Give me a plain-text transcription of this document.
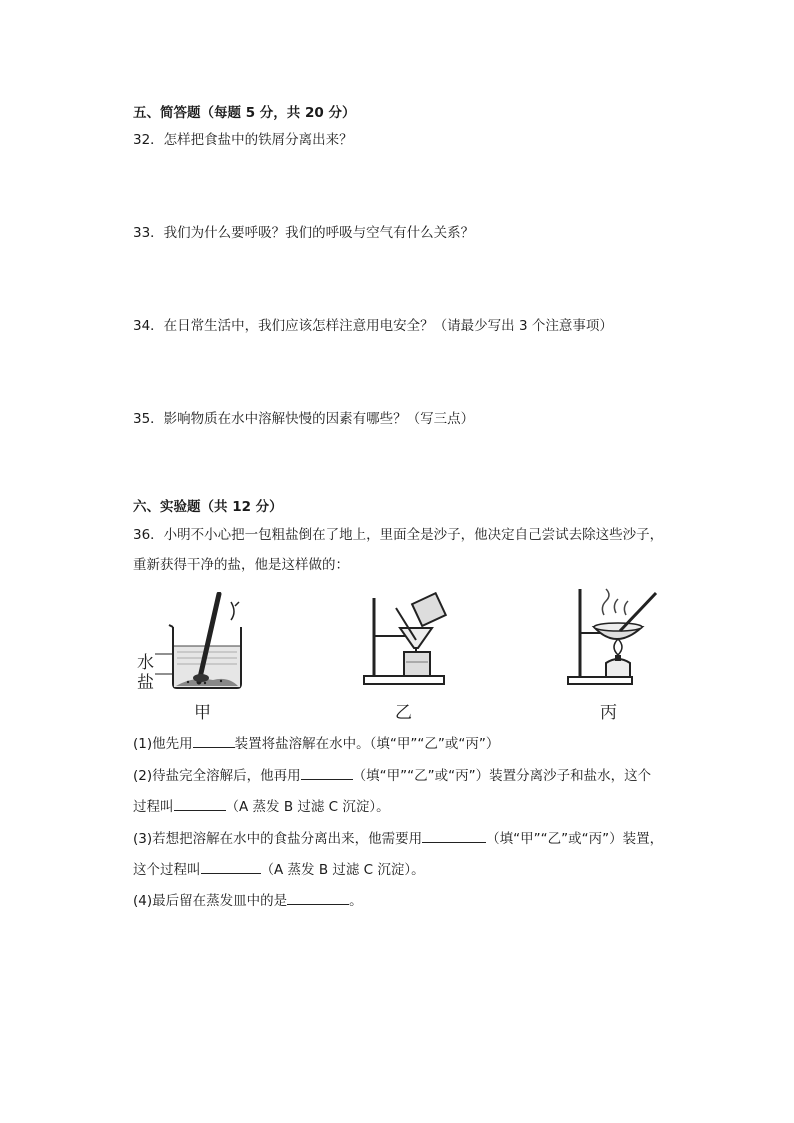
五、简答题（每题 5 分，共 20 分）
32．怎样把食盐中的铁屑分离出来？
33．我们为什么要呼吸？我们的呼吸与空气有什么关系？
34．在日常生活中，我们应该怎样注意用电安全？（请最少写出 3 个注意事项）
35．影响物质在水中溶解快慢的因素有哪些？（写三点）
六、实验题（共 12 分）
36．小明不小心把一包粗盐倒在了地上，里面全是沙子，他决定自己尝试去除这些沙子，
重新获得干净的盐，他是这样做的：
水
盐
甲	乙	丙
(1)他先用	装置将盐溶解在水中。（填“甲”“乙”或“丙”）
(2)待盐完全溶解后，他再用	（填“甲”“乙”或“丙”）装置分离沙子和盐水，这个
过程叫	（A 蒸发 B 过滤 C 沉淀）。
(3)若想把溶解在水中的食盐分离出来，他需要用	（填“甲”“乙”或“丙”）装置，
这个过程叫	（A 蒸发 B 过滤 C 沉淀）。
(4)最后留在蒸发皿中的是	。
